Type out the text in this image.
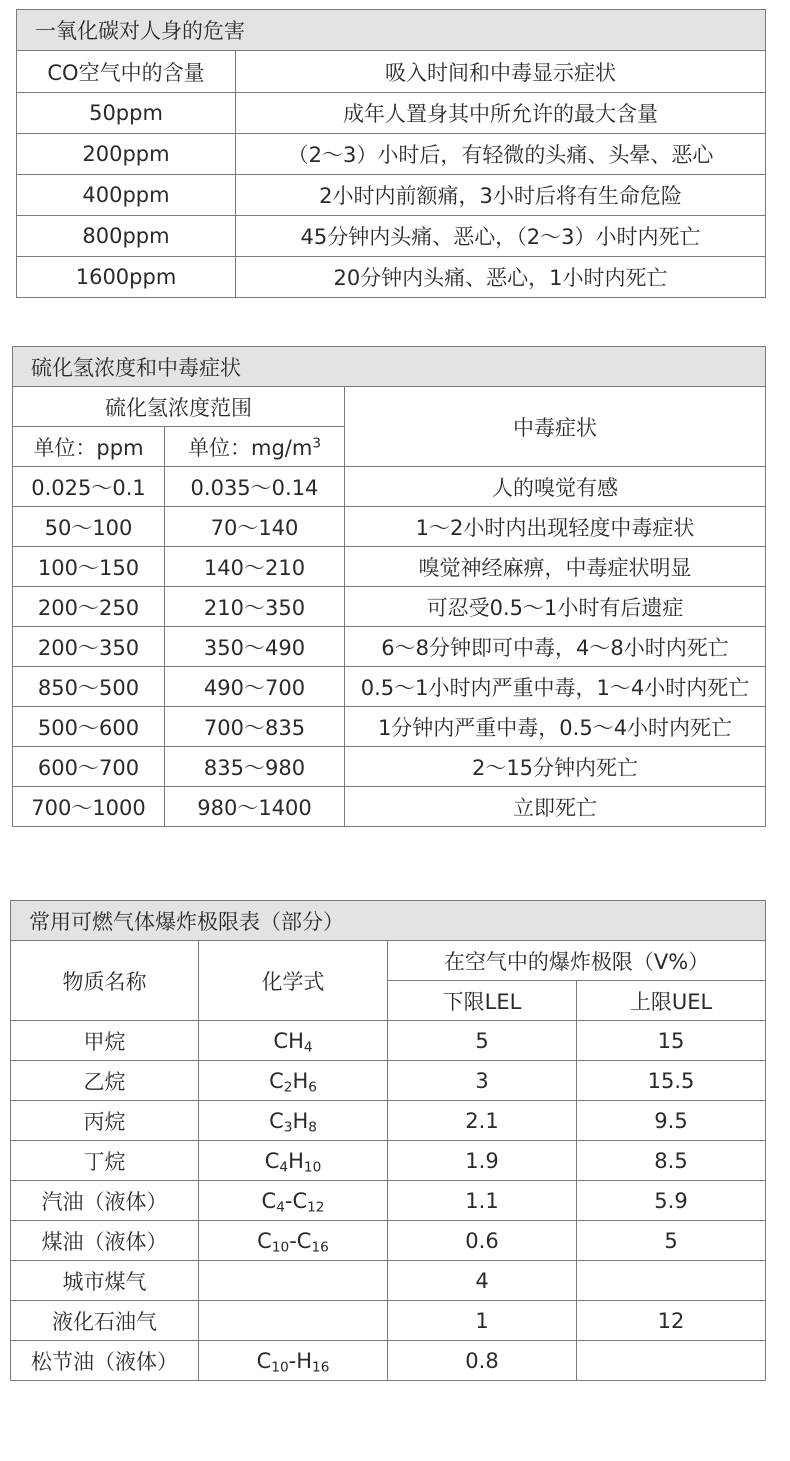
一氧化碳对人身的危害	
CO空气中的含量	吸入时间和中毒显示症状
50ppm	成年人置身其中所允许的最大含量
200ppm	（2～3）小时后，有轻微的头痛、头晕、恶心
400ppm	2小时内前额痛，3小时后将有生命危险
800ppm	45分钟内头痛、恶心，（2～3）小时内死亡
1600ppm	20分钟内头痛、恶心，1小时内死亡
硫化氢浓度和中毒症状		
硫化氢浓度范围		中毒症状
单位：ppm	单位：$mg/m^3$
0.025～0.1	0.035～0.14	人的嗅觉有感
50～100	70～140	1～2小时内出现轻度中毒症状
100～150	140～210	嗅觉神经麻痹，中毒症状明显
200～250	210～350	可忍受0.5～1小时有后遗症
200～350	350～490	6～8分钟即可中毒，4～8小时内死亡
850～500	490～700	0.5～1小时内严重中毒，1～4小时内死亡
500～600	700～835	1分钟内严重中毒，0.5～4小时内死亡
600～700	835～980	2～15分钟内死亡
700～1000	980～1400	立即死亡
常用可燃气体爆炸极限表（部分）			
物质名称	化学式	在空气中的爆炸极限（V%）	
		下限LEL	上限UEL
甲烷	$CH_4$	5	15
乙烷	$C_2H_6$	3	15.5
丙烷	$C_3H_8$	2.1	9.5
丁烷	$C_4H_{10}$	1.9	8.5
汽油（液体）	$C_4-C_{12}$	1.1	5.9
煤油（液体）	$C_{10}-C_{16}$	0.6	5
城市煤气		4	
液化石油气		1	12
松节油（液体）	$C_{10}-H_{16}$	0.8	
